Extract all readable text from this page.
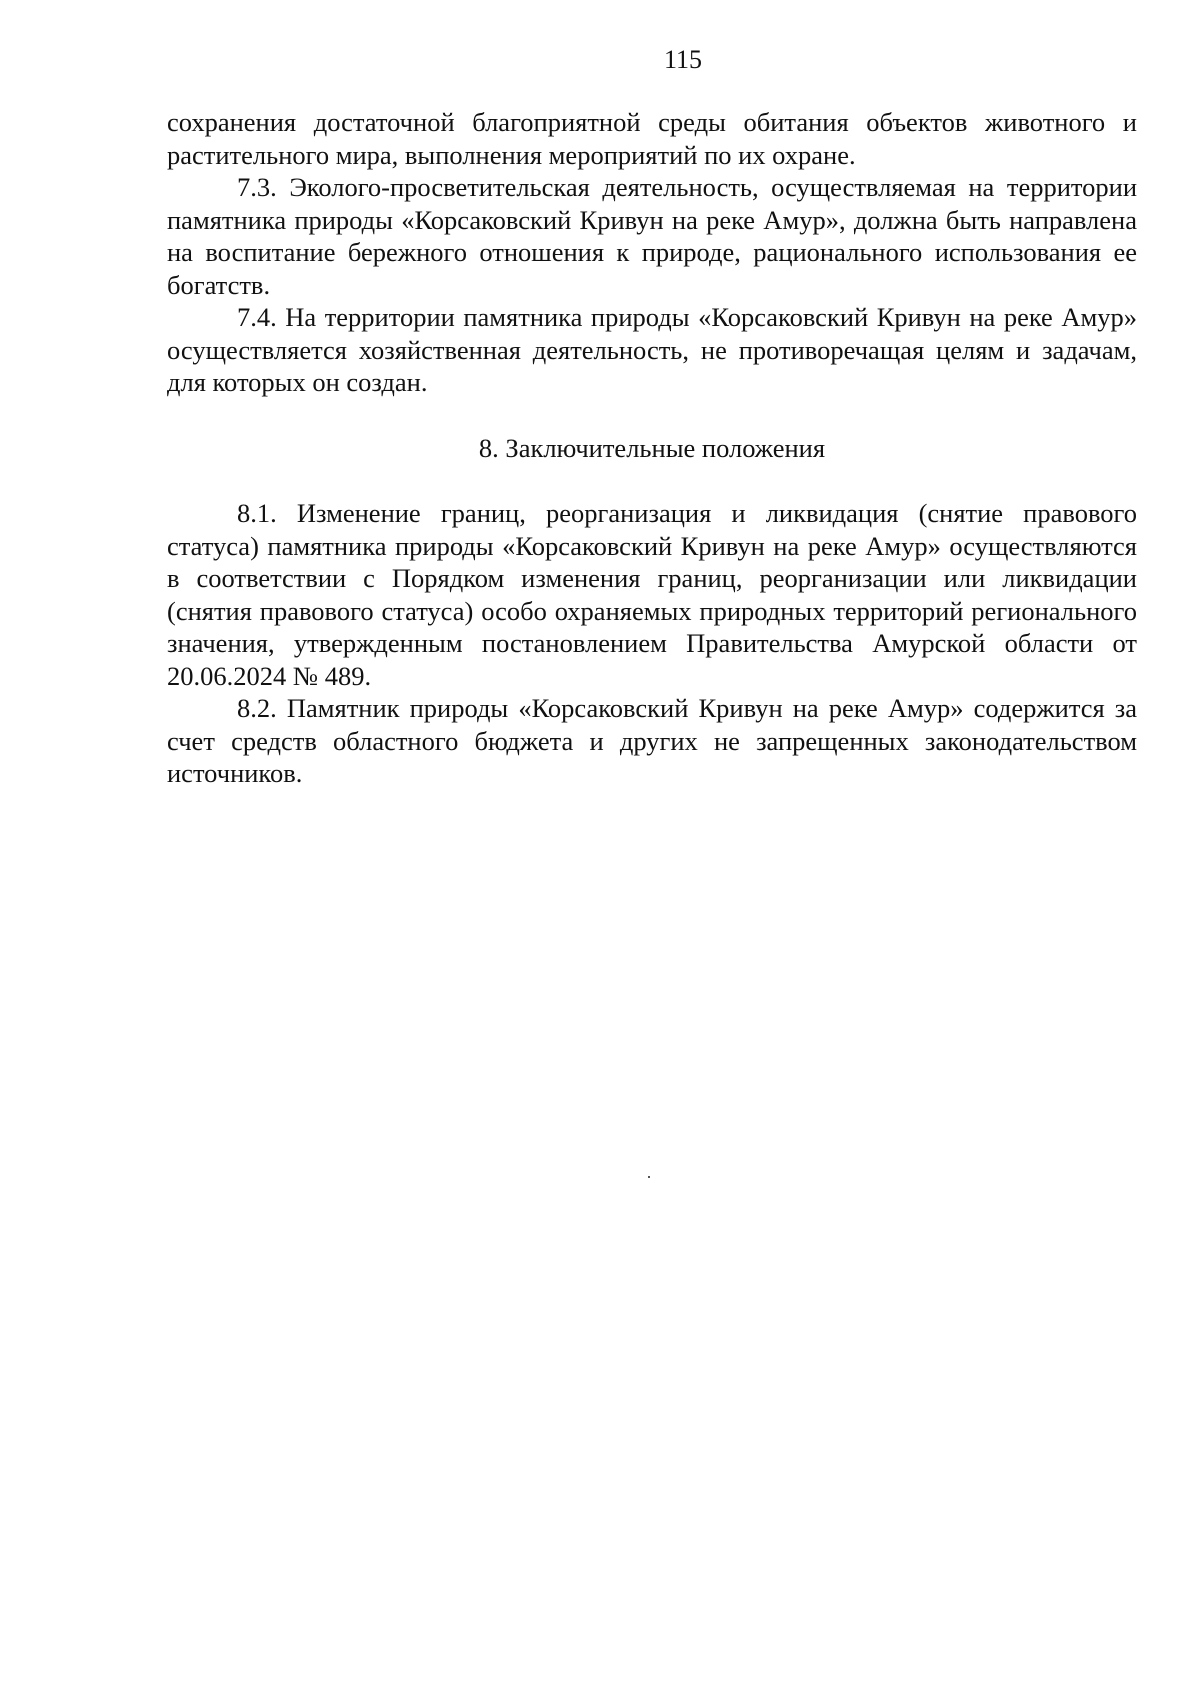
115

сохранения достаточной благоприятной среды обитания объектов животного и растительного мира, выполнения мероприятий по их охране.

7.3. Эколого-просветительская деятельность, осуществляемая на территории памятника природы «Корсаковский Кривун на реке Амур», должна быть направлена на воспитание бережного отношения к природе, рационального использования ее богатств.

7.4. На территории памятника природы «Корсаковский Кривун на реке Амур» осуществляется хозяйственная деятельность, не противоречащая целям и задачам, для которых он создан.

8. Заключительные положения

8.1. Изменение границ, реорганизация и ликвидация (снятие правового статуса) памятника природы «Корсаковский Кривун на реке Амур» осуществляются в соответствии с Порядком изменения границ, реорганизации или ликвидации (снятия правового статуса) особо охраняемых природных территорий регионального значения, утвержденным постановлением Правительства Амурской области от 20.06.2024 № 489.

8.2. Памятник природы «Корсаковский Кривун на реке Амур» содержится за счет средств областного бюджета и других не запрещенных законодательством источников.
